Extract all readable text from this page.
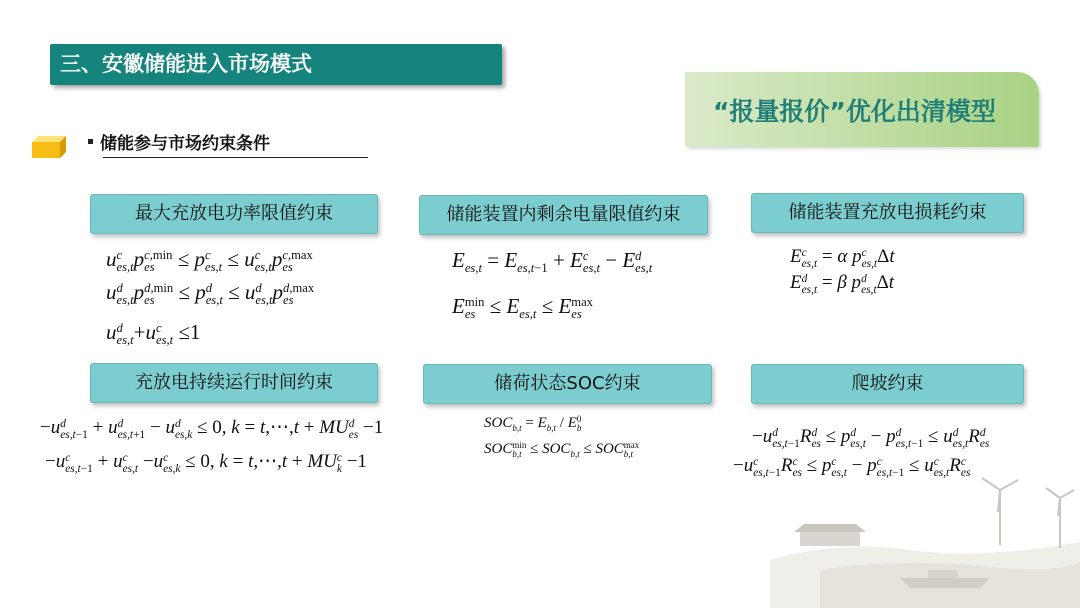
三、安徽储能进入市场模式
“报量报价”优化出清模型
储能参与市场约束条件
最大充放电功率限值约束	储能装置内剩余电量限值约束	储能装置充放电损耗约束
充放电持续运行时间约束	储荷状态SOC约束	爬坡约束
u c
es,t p c,min
es	≤ p c
es,t ≤ u c
es,t p c,max
es
u d
es,t p d,min
es	≤ p d
es,t ≤ u d
es,t p d,max
es
u d
es,t +u c
es,t ≤1
$E_{es,t} = E_{es,t-1} + E$ c
es,t − E d
es,t
E min
es ≤ $E_{es,t} \le E$ max
es
E c
es,t = α p c
es,t Δt
E d
es,t = β p d
es,t Δt
−u d
es,t−1 + u d
es,t+1 − u d
es,k ≤ 0, k = t,⋯,t + MU d
es −1
−u c
es,t−1 + u c
es,t −u c
es,k ≤ 0, k = t,⋯,t + MU c
k −1
$SOC_{b,t} = E_{b,t} / E$ 0
b
SOC min
$b,t \le SOC_{b,t}$ ≤ SOC max
b,t
−u d
es,t−1 R d
es ≤ p d
es,t − p d
es,t−1 ≤ u d
es,t R d
es
−u c
es,t−1 R c
es ≤ p c
es,t − p c
es,t−1 ≤ u c
es,t R c
es
